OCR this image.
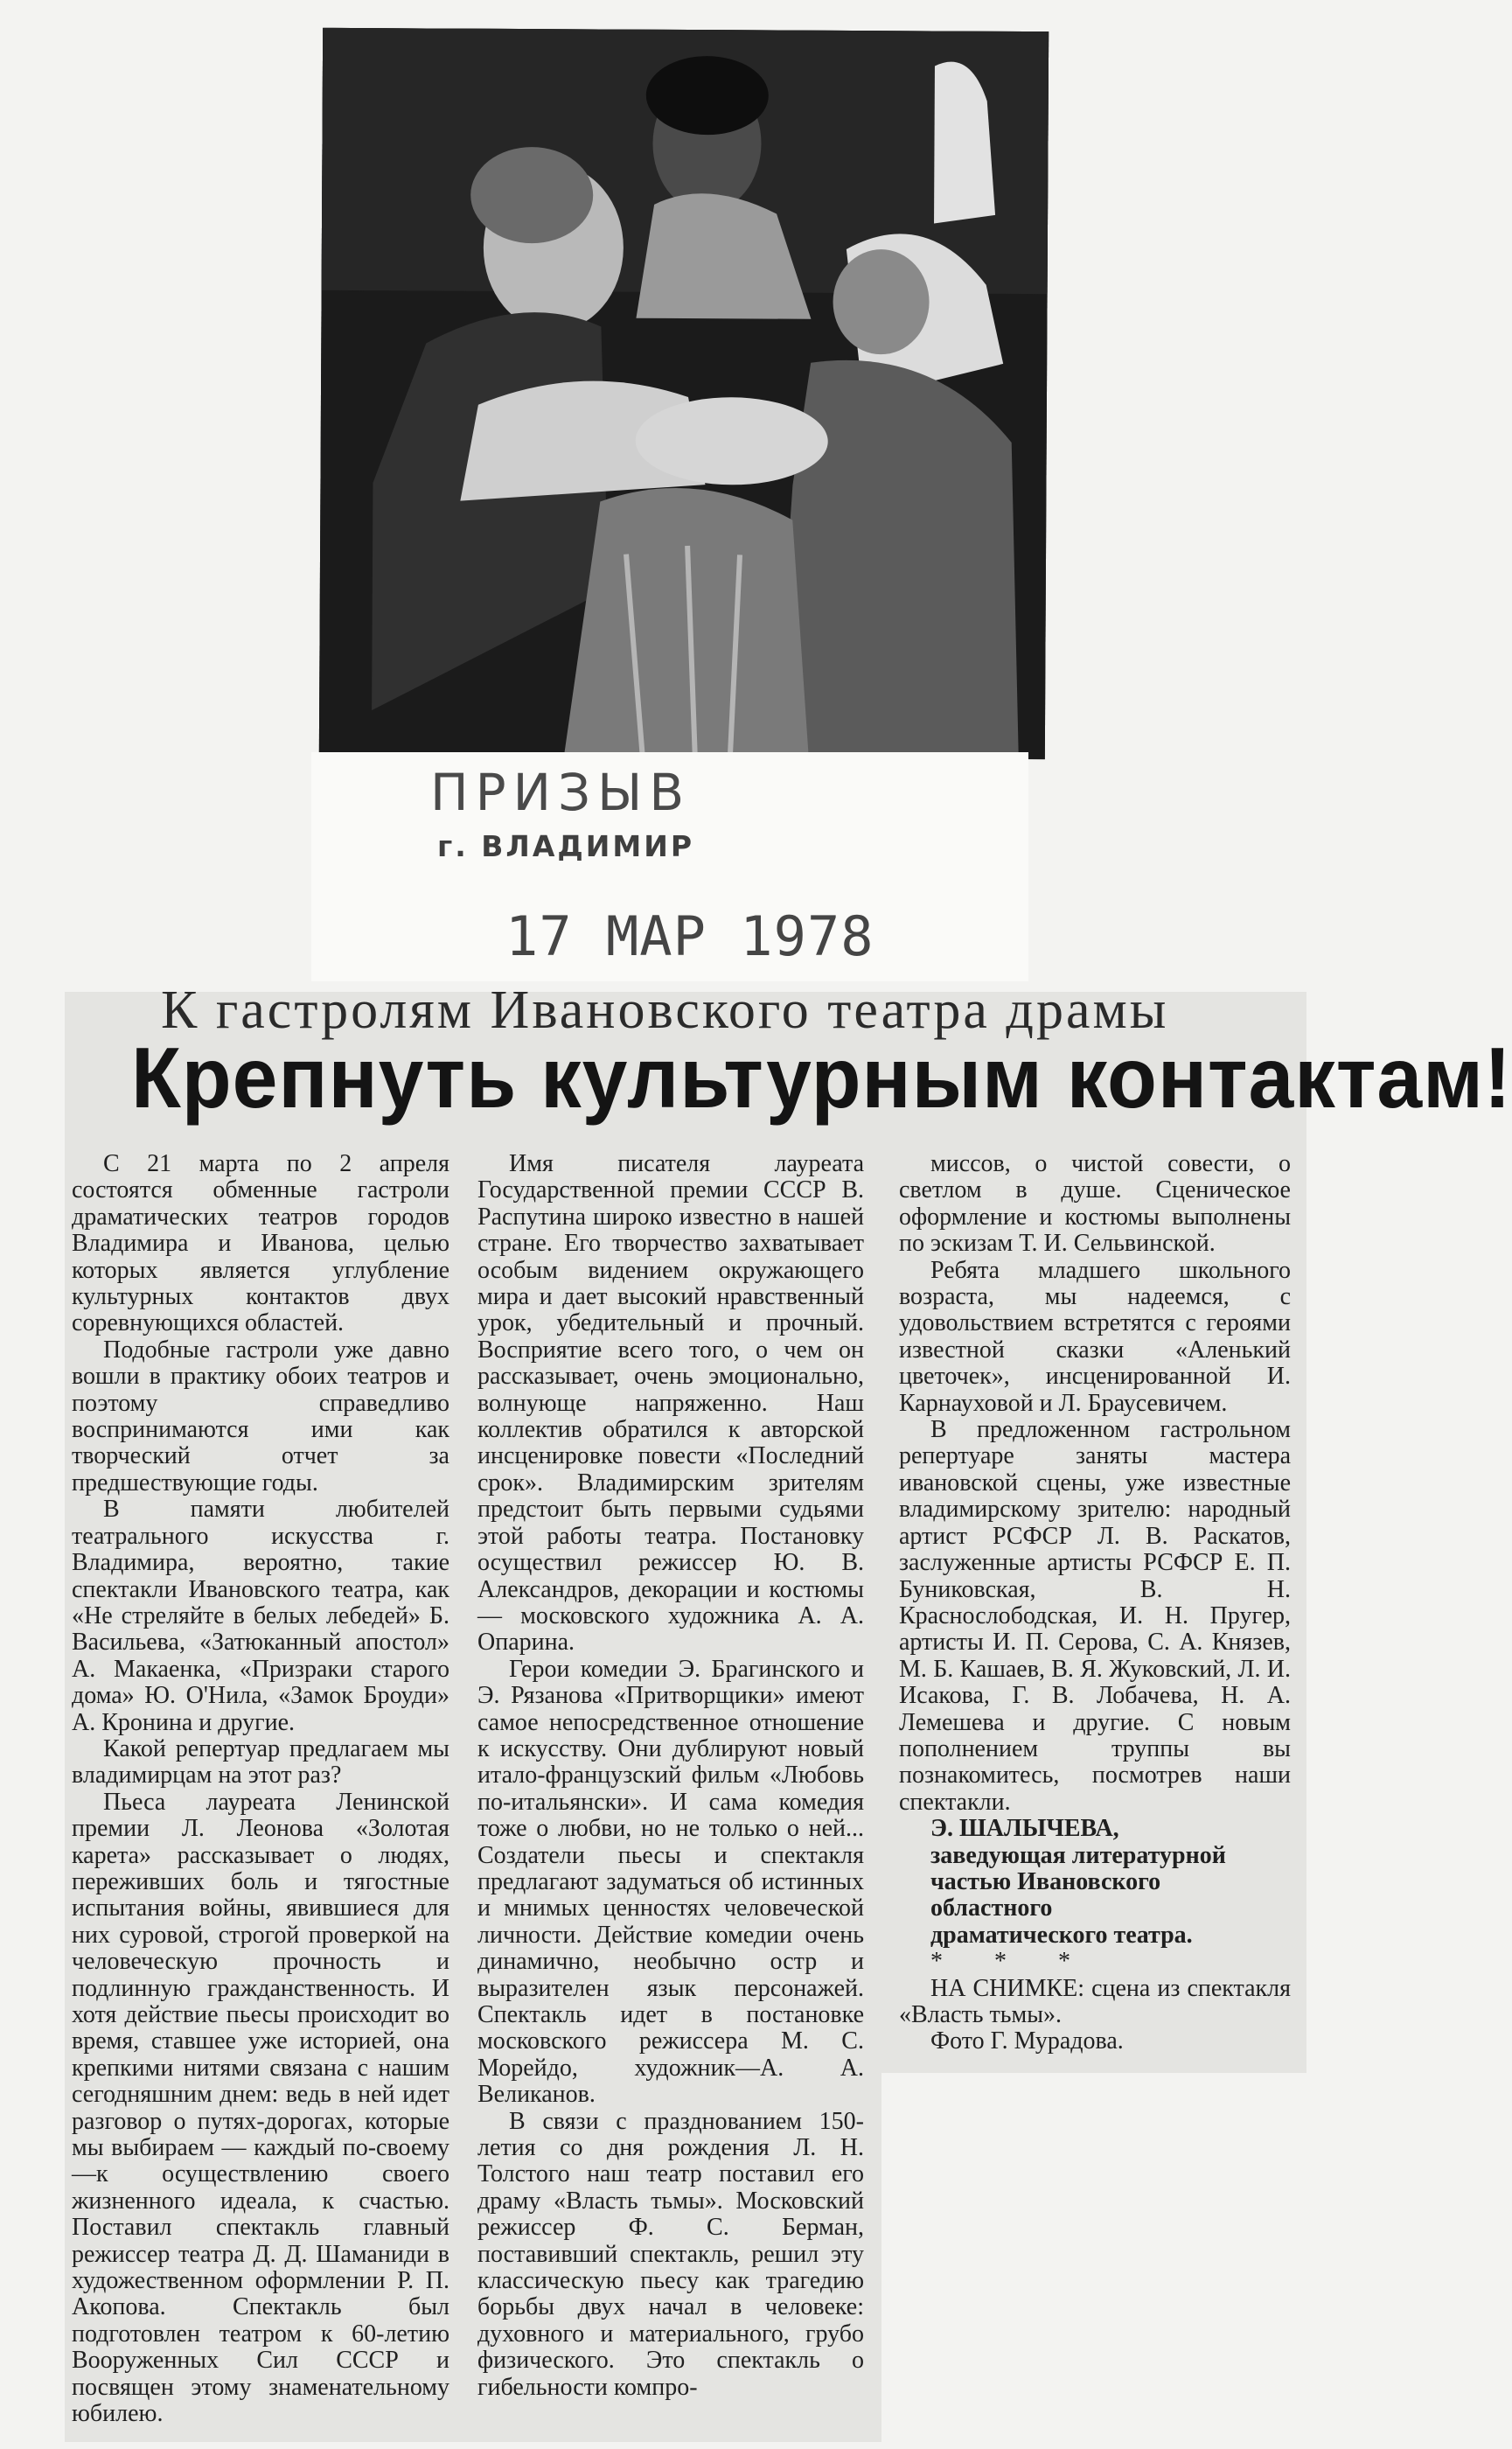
ПРИЗЫВ
г. ВЛАДИМИР
17 МАР 1978
К гастролям Ивановского театра драмы
Крепнуть культурным контактам!

С 21 марта по 2 апреля состоятся обменные гастроли драматических театров городов Владимира и Иванова, целью которых является углубление культурных контактов двух соревнующихся областей.

Подобные гастроли уже давно вошли в практику обоих театров и поэтому справедливо воспринимаются ими как творческий отчет за предшествующие годы.

В памяти любителей театрального искусства г. Владимира, вероятно, такие спектакли Ивановского театра, как «Не стреляйте в белых лебедей» Б. Васильева, «Затюканный апостол» А. Макаенка, «Призраки старого дома» Ю. О'Нила, «Замок Броуди» А. Кронина и другие.

Какой репертуар предлагаем мы владимирцам на этот раз?

Пьеса лауреата Ленинской премии Л. Леонова «Золотая карета» рассказывает о людях, переживших боль и тягостные испытания войны, явившиеся для них суровой, строгой проверкой на человеческую прочность и подлинную гражданственность. И хотя действие пьесы происходит во время, ставшее уже историей, она крепкими нитями связана с нашим сегодняшним днем: ведь в ней идет разговор о путях-дорогах, которые мы выбираем — каждый по-своему—к осуществлению своего жизненного идеала, к счастью. Поставил спектакль главный режиссер театра Д. Д. Шаманиди в художественном оформлении Р. П. Акопова. Спектакль был подготовлен театром к 60-летию Вооруженных Сил СССР и посвящен этому знаменательному юбилею.

Имя писателя лауреата Государственной премии СССР В. Распутина широко известно в нашей стране. Его творчество захватывает особым видением окружающего мира и дает высокий нравственный урок, убедительный и прочный. Восприятие всего того, о чем он рассказывает, очень эмоционально, волнующе напряженно. Наш коллектив обратился к авторской инсценировке повести «Последний срок». Владимирским зрителям предстоит быть первыми судьями этой работы театра. Постановку осуществил режиссер Ю. В. Александров, декорации и костюмы — московского художника А. А. Опарина.

Герои комедии Э. Брагинского и Э. Рязанова «Притворщики» имеют самое непосредственное отношение к искусству. Они дублируют новый итало-французский фильм «Любовь по-итальянски». И сама комедия тоже о любви, но не только о ней... Создатели пьесы и спектакля предлагают задуматься об истинных и мнимых ценностях человеческой личности. Действие комедии очень динамично, необычно остр и выразителен язык персонажей. Спектакль идет в постановке московского режиссера М. С. Морейдо, художник—А. А. Великанов.

В связи с празднованием 150-летия со дня рождения Л. Н. Толстого наш театр поставил его драму «Власть тьмы». Московский режиссер Ф. С. Берман, поставивший спектакль, решил эту классическую пьесу как трагедию борьбы двух начал в человеке: духовного и материального, грубо физического. Это спектакль о гибельности компро-

миссов, о чистой совести, о светлом в душе. Сценическое оформление и костюмы выполнены по эскизам Т. И. Сельвинской.

Ребята младшего школьного возраста, мы надеемся, с удовольствием встретятся с героями известной сказки «Аленький цветочек», инсценированной И. Карнауховой и Л. Браусевичем.

В предложенном гастрольном репертуаре заняты мастера ивановской сцены, уже известные владимирскому зрителю: народный артист РСФСР Л. В. Раскатов, заслуженные артисты РСФСР Е. П. Буниковская, В. Н. Краснослободская, И. Н. Пругер, артисты И. П. Серова, С. А. Князев, М. Б. Кашаев, В. Я. Жуковский, Л. И. Исакова, Г. В. Лобачева, Н. А. Лемешева и другие. С новым пополнением труппы вы познакомитесь, посмотрев наши спектакли.

Э. ШАЛЫЧЕВА,

заведующая литературной

частью Ивановского

областного

драматического театра.

* * *

НА СНИМКЕ: сцена из спектакля «Власть тьмы».

Фото Г. Мурадова.
